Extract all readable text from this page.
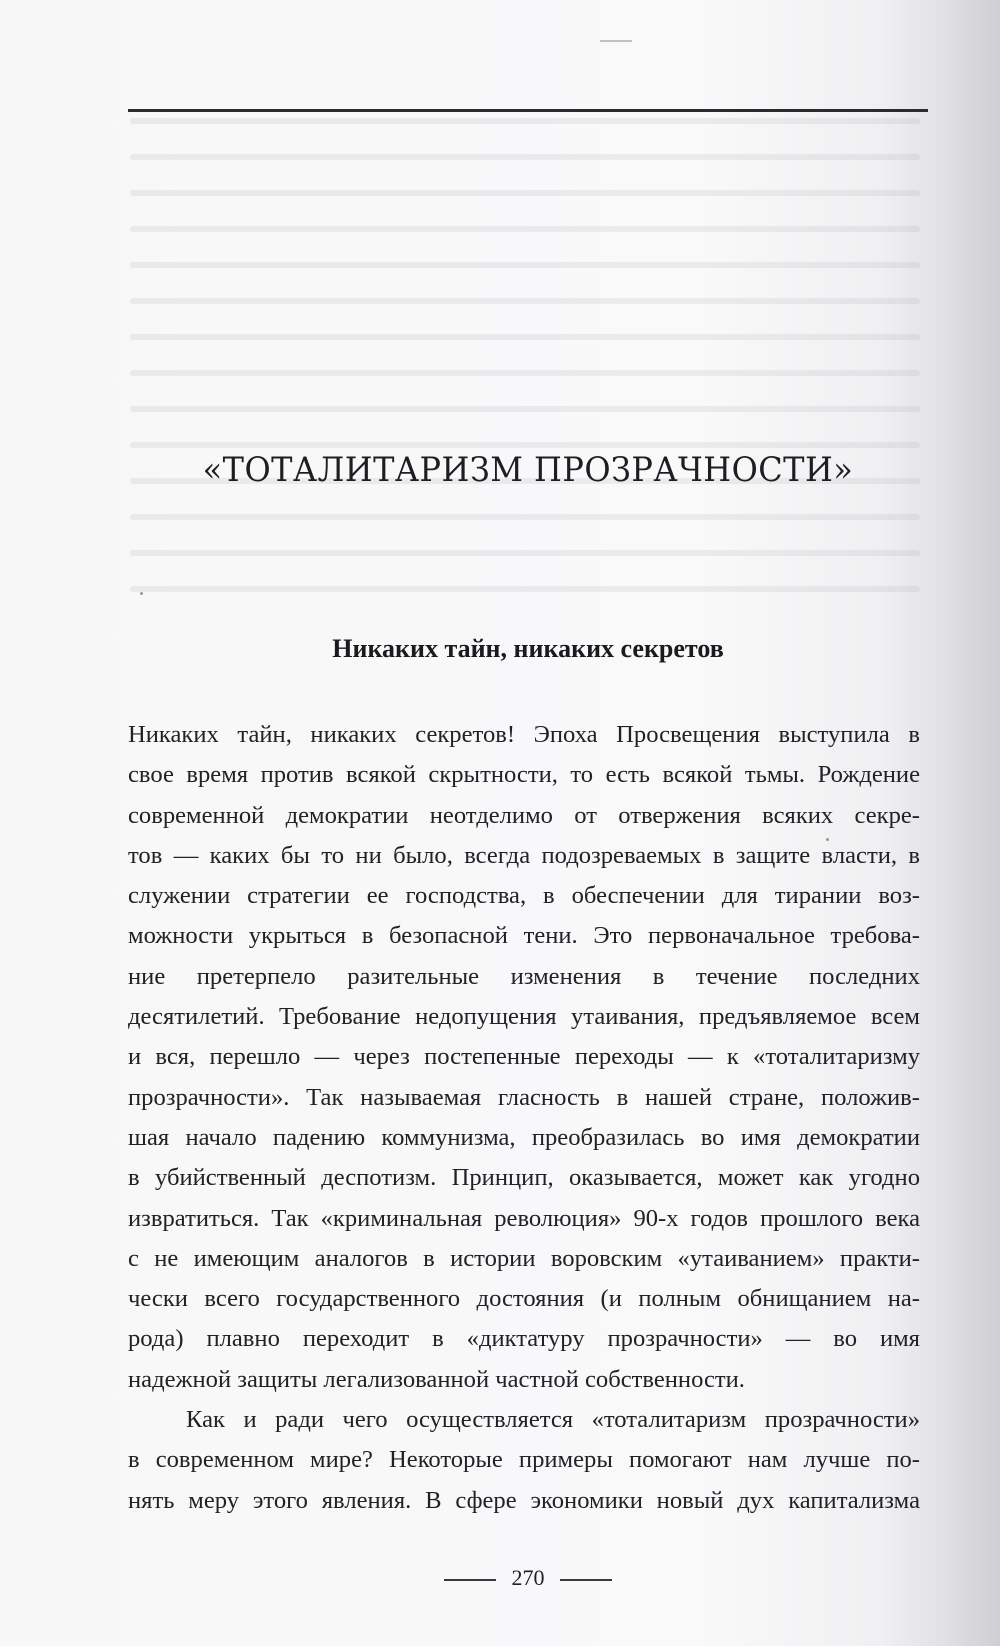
«ТОТАЛИТАРИЗМ ПРОЗРАЧНОСТИ»
Никаких тайн, никаких секретов

Никаких тайн, никаких секретов! Эпоха Просвещения выступила в
свое время против всякой скрытности, то есть всякой тьмы. Рождение
современной демократии неотделимо от отвержения всяких секре-
тов — каких бы то ни было, всегда подозреваемых в защите власти, в
служении стратегии ее господства, в обеспечении для тирании воз-
можности укрыться в безопасной тени. Это первоначальное требова-
ние претерпело разительные изменения в течение последних
десятилетий. Требование недопущения утаивания, предъявляемое всем
и вся, перешло — через постепенные переходы — к «тоталитаризму
прозрачности». Так называемая гласность в нашей стране, положив-
шая начало падению коммунизма, преобразилась во имя демократии
в убийственный деспотизм. Принцип, оказывается, может как угодно
извратиться. Так «криминальная революция» 90-х годов прошлого века
с не имеющим аналогов в истории воровским «утаиванием» практи-
чески всего государственного достояния (и полным обнищанием на-
рода) плавно переходит в «диктатуру прозрачности» — во имя
надежной защиты легализованной частной собственности.

Как и ради чего осуществляется «тоталитаризм прозрачности»
в современном мире? Некоторые примеры помогают нам лучше по-
нять меру этого явления. В сфере экономики новый дух капитализма

270
